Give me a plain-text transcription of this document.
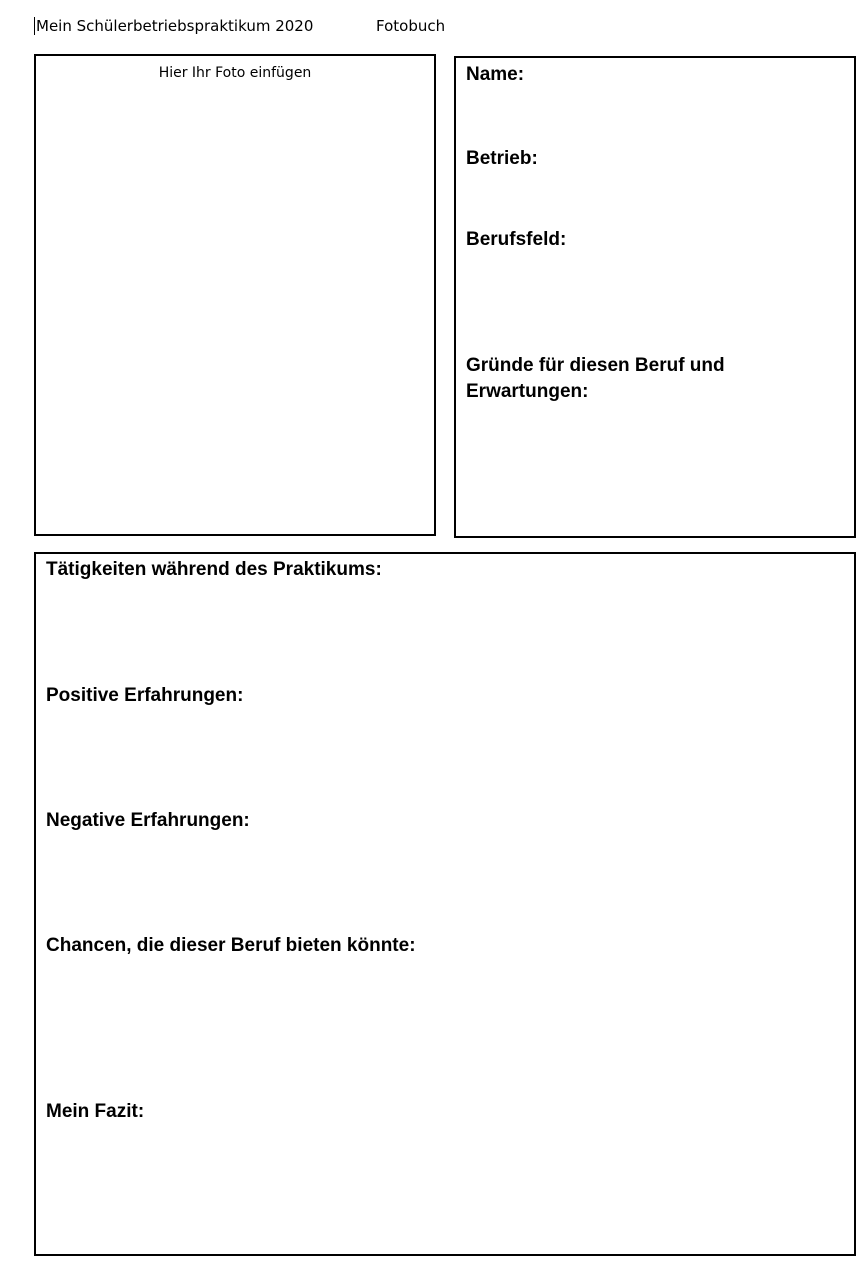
Mein Schülerbetriebspraktikum 2020	Fotobuch
Hier Ihr Foto einfügen	Name:
Betrieb:
Berufsfeld:
Gründe für diesen Beruf und Erwartungen:
Tätigkeiten während des Praktikums:
Positive Erfahrungen:
Negative Erfahrungen:
Chancen, die dieser Beruf bieten könnte:
Mein Fazit:
